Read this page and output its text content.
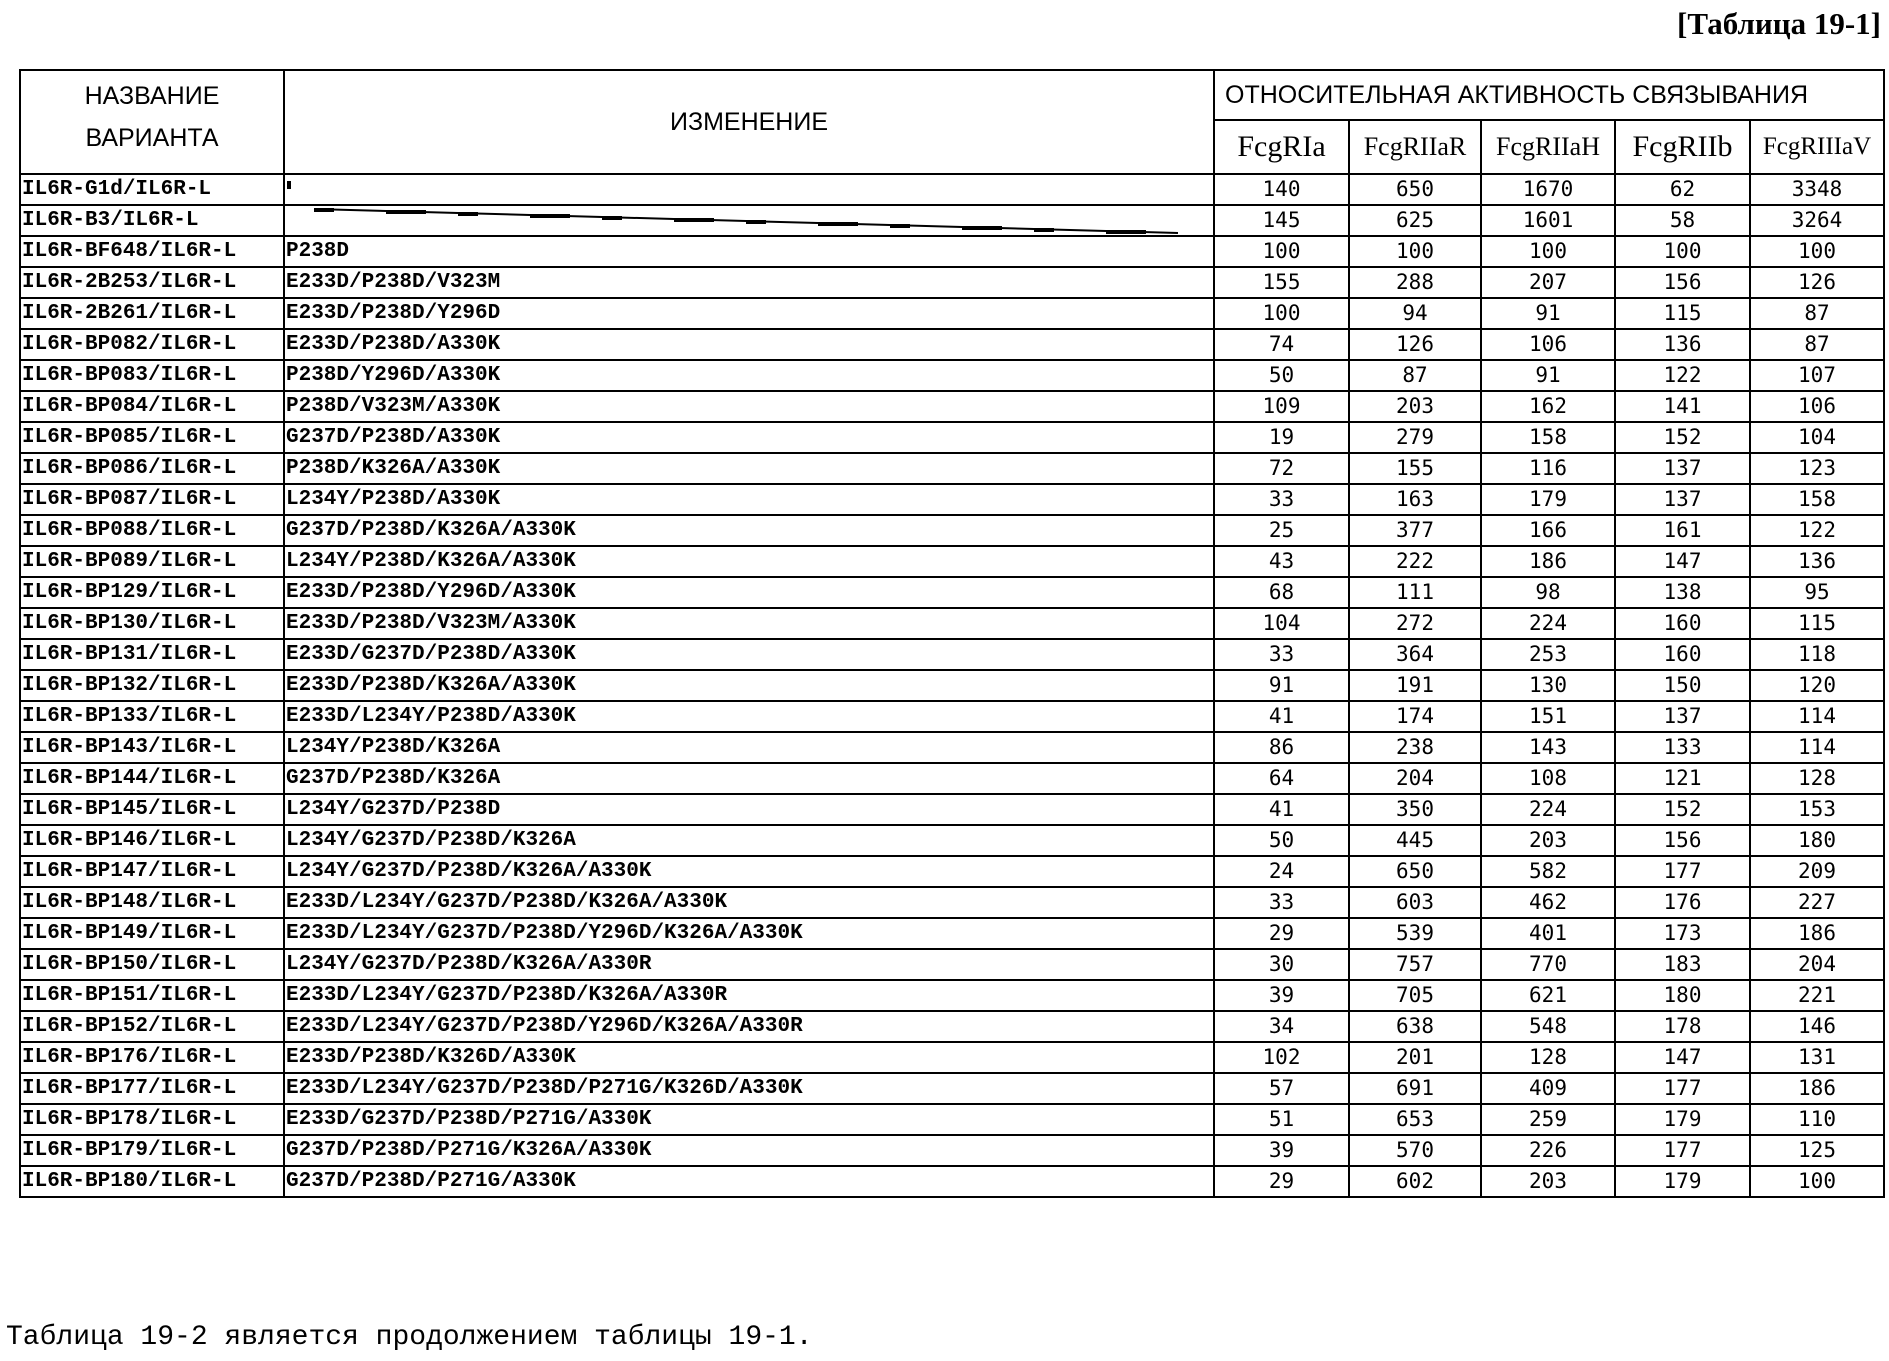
[Таблица 19-1]
НАЗВАНИЕ ВАРИАНТА	ИЗМЕНЕНИЕ	ОТНОСИТЕЛЬНАЯ АКТИВНОСТЬ СВЯЗЫВАНИЯ				
		FcgRIa	FcgRIIaR	FcgRIIaH	FcgRIIb	FcgRIIIaV
IL6R-G1d/IL6R-L		140	650	1670	62	3348
IL6R-B3/IL6R-L		145	625	1601	58	3264
IL6R-BF648/IL6R-L	P238D	100	100	100	100	100
IL6R-2B253/IL6R-L	E233D/P238D/V323M	155	288	207	156	126
IL6R-2B261/IL6R-L	E233D/P238D/Y296D	100	94	91	115	87
IL6R-BP082/IL6R-L	E233D/P238D/A330K	74	126	106	136	87
IL6R-BP083/IL6R-L	P238D/Y296D/A330K	50	87	91	122	107
IL6R-BP084/IL6R-L	P238D/V323M/A330K	109	203	162	141	106
IL6R-BP085/IL6R-L	G237D/P238D/A330K	19	279	158	152	104
IL6R-BP086/IL6R-L	P238D/K326A/A330K	72	155	116	137	123
IL6R-BP087/IL6R-L	L234Y/P238D/A330K	33	163	179	137	158
IL6R-BP088/IL6R-L	G237D/P238D/K326A/A330K	25	377	166	161	122
IL6R-BP089/IL6R-L	L234Y/P238D/K326A/A330K	43	222	186	147	136
IL6R-BP129/IL6R-L	E233D/P238D/Y296D/A330K	68	111	98	138	95
IL6R-BP130/IL6R-L	E233D/P238D/V323M/A330K	104	272	224	160	115
IL6R-BP131/IL6R-L	E233D/G237D/P238D/A330K	33	364	253	160	118
IL6R-BP132/IL6R-L	E233D/P238D/K326A/A330K	91	191	130	150	120
IL6R-BP133/IL6R-L	E233D/L234Y/P238D/A330K	41	174	151	137	114
IL6R-BP143/IL6R-L	L234Y/P238D/K326A	86	238	143	133	114
IL6R-BP144/IL6R-L	G237D/P238D/K326A	64	204	108	121	128
IL6R-BP145/IL6R-L	L234Y/G237D/P238D	41	350	224	152	153
IL6R-BP146/IL6R-L	L234Y/G237D/P238D/K326A	50	445	203	156	180
IL6R-BP147/IL6R-L	L234Y/G237D/P238D/K326A/A330K	24	650	582	177	209
IL6R-BP148/IL6R-L	E233D/L234Y/G237D/P238D/K326A/A330K	33	603	462	176	227
IL6R-BP149/IL6R-L	E233D/L234Y/G237D/P238D/Y296D/K326A/A330K	29	539	401	173	186
IL6R-BP150/IL6R-L	L234Y/G237D/P238D/K326A/A330R	30	757	770	183	204
IL6R-BP151/IL6R-L	E233D/L234Y/G237D/P238D/K326A/A330R	39	705	621	180	221
IL6R-BP152/IL6R-L	E233D/L234Y/G237D/P238D/Y296D/K326A/A330R	34	638	548	178	146
IL6R-BP176/IL6R-L	E233D/P238D/K326D/A330K	102	201	128	147	131
IL6R-BP177/IL6R-L	E233D/L234Y/G237D/P238D/P271G/K326D/A330K	57	691	409	177	186
IL6R-BP178/IL6R-L	E233D/G237D/P238D/P271G/A330K	51	653	259	179	110
IL6R-BP179/IL6R-L	G237D/P238D/P271G/K326A/A330K	39	570	226	177	125
IL6R-BP180/IL6R-L	G237D/P238D/P271G/A330K	29	602	203	179	100
Таблица 19-2 является продолжением таблицы 19-1.
